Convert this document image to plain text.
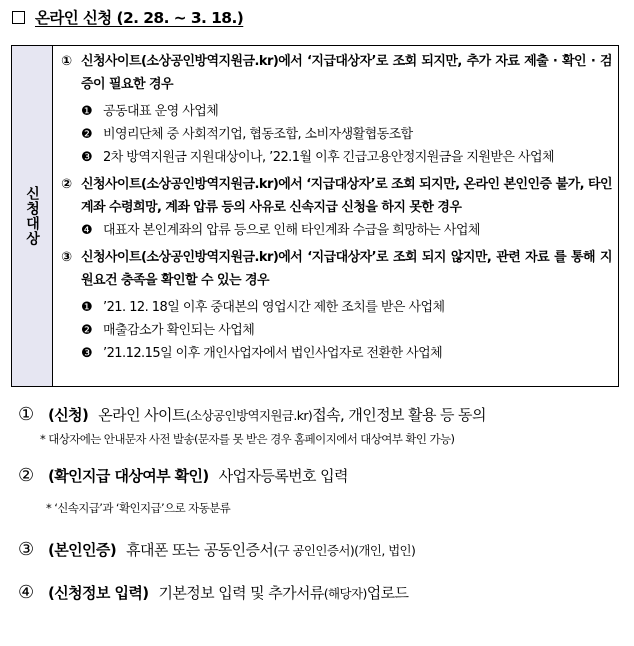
온라인 신청 (2. 28. ~ 3. 18.)
신청대상
① 신청사이트(소상공인방역지원금.kr)에서 ‘지급대상자’로 조회 되지만, 추가 자료 제출 · 확인 · 검증이 필요한 경우
❶ 공동대표 운영 사업체
❷ 비영리단체 중 사회적기업, 협동조합, 소비자생활협동조합
❸ 2차 방역지원금 지원대상이나, ’22.1월 이후 긴급고용안정지원금을 지원받은 사업체
② 신청사이트(소상공인방역지원금.kr)에서 ‘지급대상자’로 조회 되지만, 온라인 본인인증 불가, 타인계좌 수령희망, 계좌 압류 등의 사유로 신속지급 신청을 하지 못한 경우
❹ 대표자 본인계좌의 압류 등으로 인해 타인계좌 수급을 희망하는 사업체
③ 신청사이트(소상공인방역지원금.kr)에서 ‘지급대상자’로 조회 되지 않지만, 관련 자료 를 통해 지원요건 충족을 확인할 수 있는 경우
❶ ’21. 12. 18일 이후 중대본의 영업시간 제한 조치를 받은 사업체
❷ 매출감소가 확인되는 사업체
❸ ’21.12.15일 이후 개인사업자에서 법인사업자로 전환한 사업체
① (신청) 온라인 사이트 (소상공인방역지원금.kr) 접속, 개인정보 활용 등 동의
* 대상자에는 안내문자 사전 발송(문자를 못 받은 경우 홈페이지에서 대상여부 확인 가능)
② (확인지급 대상여부 확인) 사업자등록번호 입력
* ‘신속지급’과 ‘확인지급’으로 자동분류
③ (본인인증) 휴대폰 또는 공동인증서 (구 공인인증서) (개인, 법인)
④ (신청정보 입력) 기본정보 입력 및 추가서류 (해당자) 업로드
